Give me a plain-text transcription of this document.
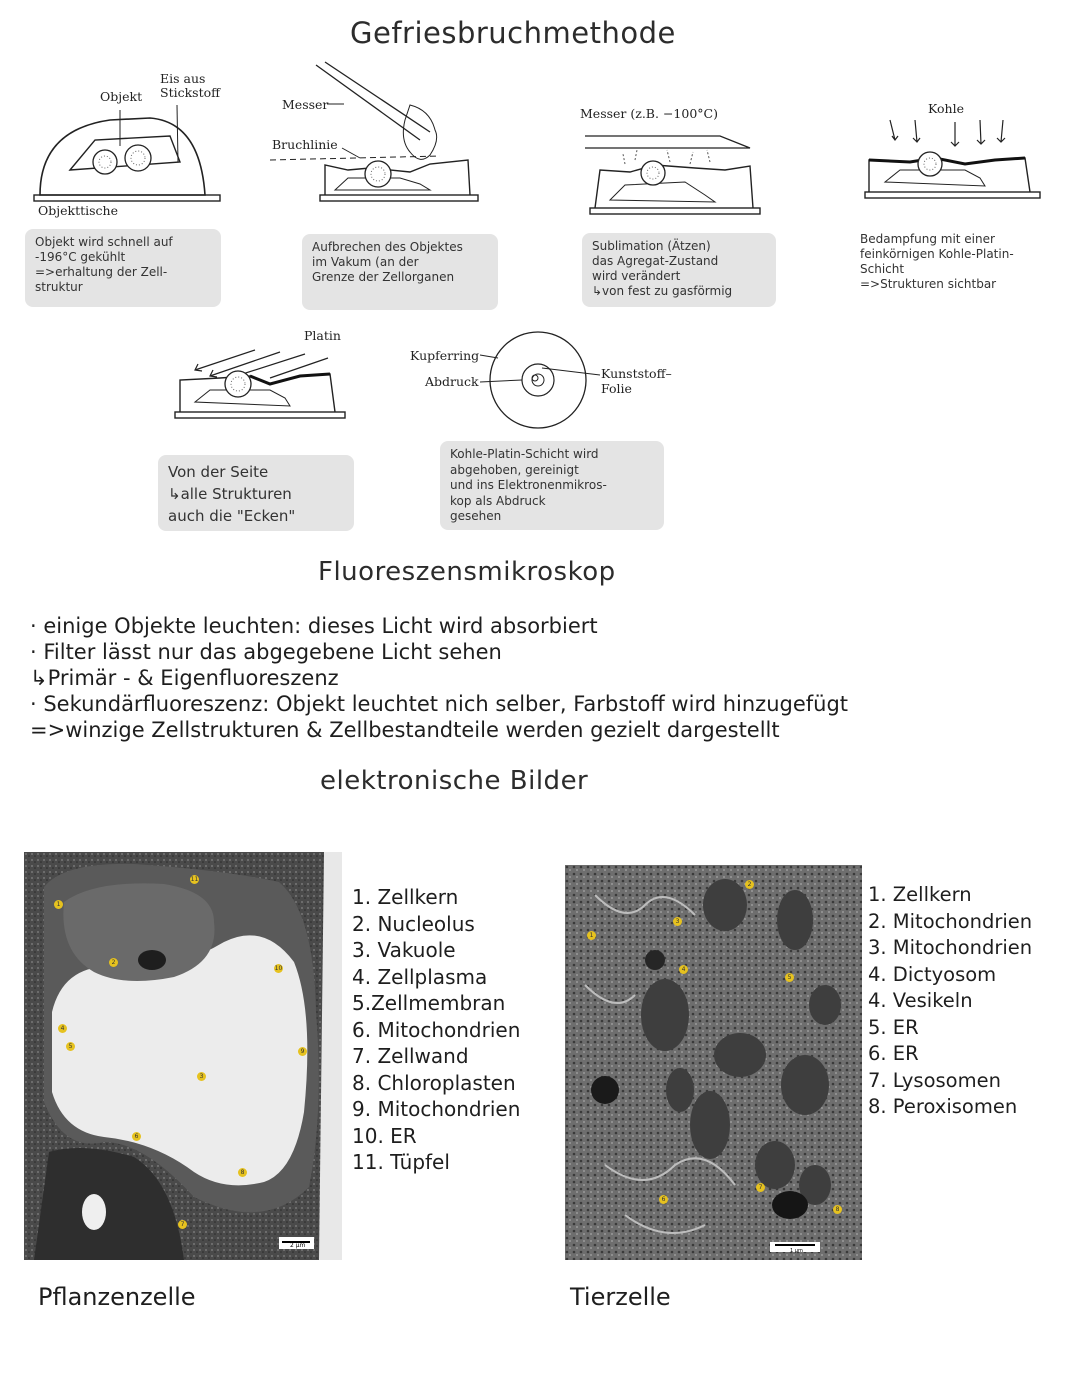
Gefriesbruchmethode
Objekt
Eis aus
Stickstoff
Objekttische
Objekt wird schnell auf
-196°C gekühlt
=>erhaltung der Zell-
struktur
Messer
Bruchlinie
Aufbrechen des Objektes
im Vakum (an der
Grenze der Zellorganen
Messer (z.B. −100°C)
Sublimation (Ätzen)
das Agregat-Zustand
wird verändert
↳von fest zu gasförmig
Kohle
Bedampfung mit einer
feinkörnigen Kohle-Platin-
Schicht
=>Strukturen sichtbar
Platin
Von der Seite
↳alle Strukturen
auch die "Ecken"
Kupferring
Abdruck
Kunststoff–
Folie
Kohle-Platin-Schicht wird
abgehoben, gereinigt
und ins Elektronenmikros-
kop als Abdruck
gesehen
Fluoreszensmikroskop
· einige Objekte leuchten: dieses Licht wird absorbiert
· Filter lässt nur das abgegebene Licht sehen
↳Primär - & Eigenfluoreszenz
· Sekundärfluoreszenz: Objekt leuchtet nich selber, Farbstoff wird hinzugefügt
=>winzige Zellstrukturen & Zellbestandteile werden gezielt dargestellt
elektronische Bilder
2 µm
1
2
3
4
5
6
7
8
9
10
11
1. Zellkern
2. Nucleolus
3. Vakuole
4. Zellplasma
5.Zellmembran
6. Mitochondrien
7. Zellwand
8. Chloroplasten
9. Mitochondrien
10. ER
11. Tüpfel
1 µm
1
2
3
4
5
6
7
8
1. Zellkern
2. Mitochondrien
3. Mitochondrien
4. Dictyosom
4. Vesikeln
5. ER
6. ER
7. Lysosomen
8. Peroxisomen
Pflanzenzelle	Tierzelle
